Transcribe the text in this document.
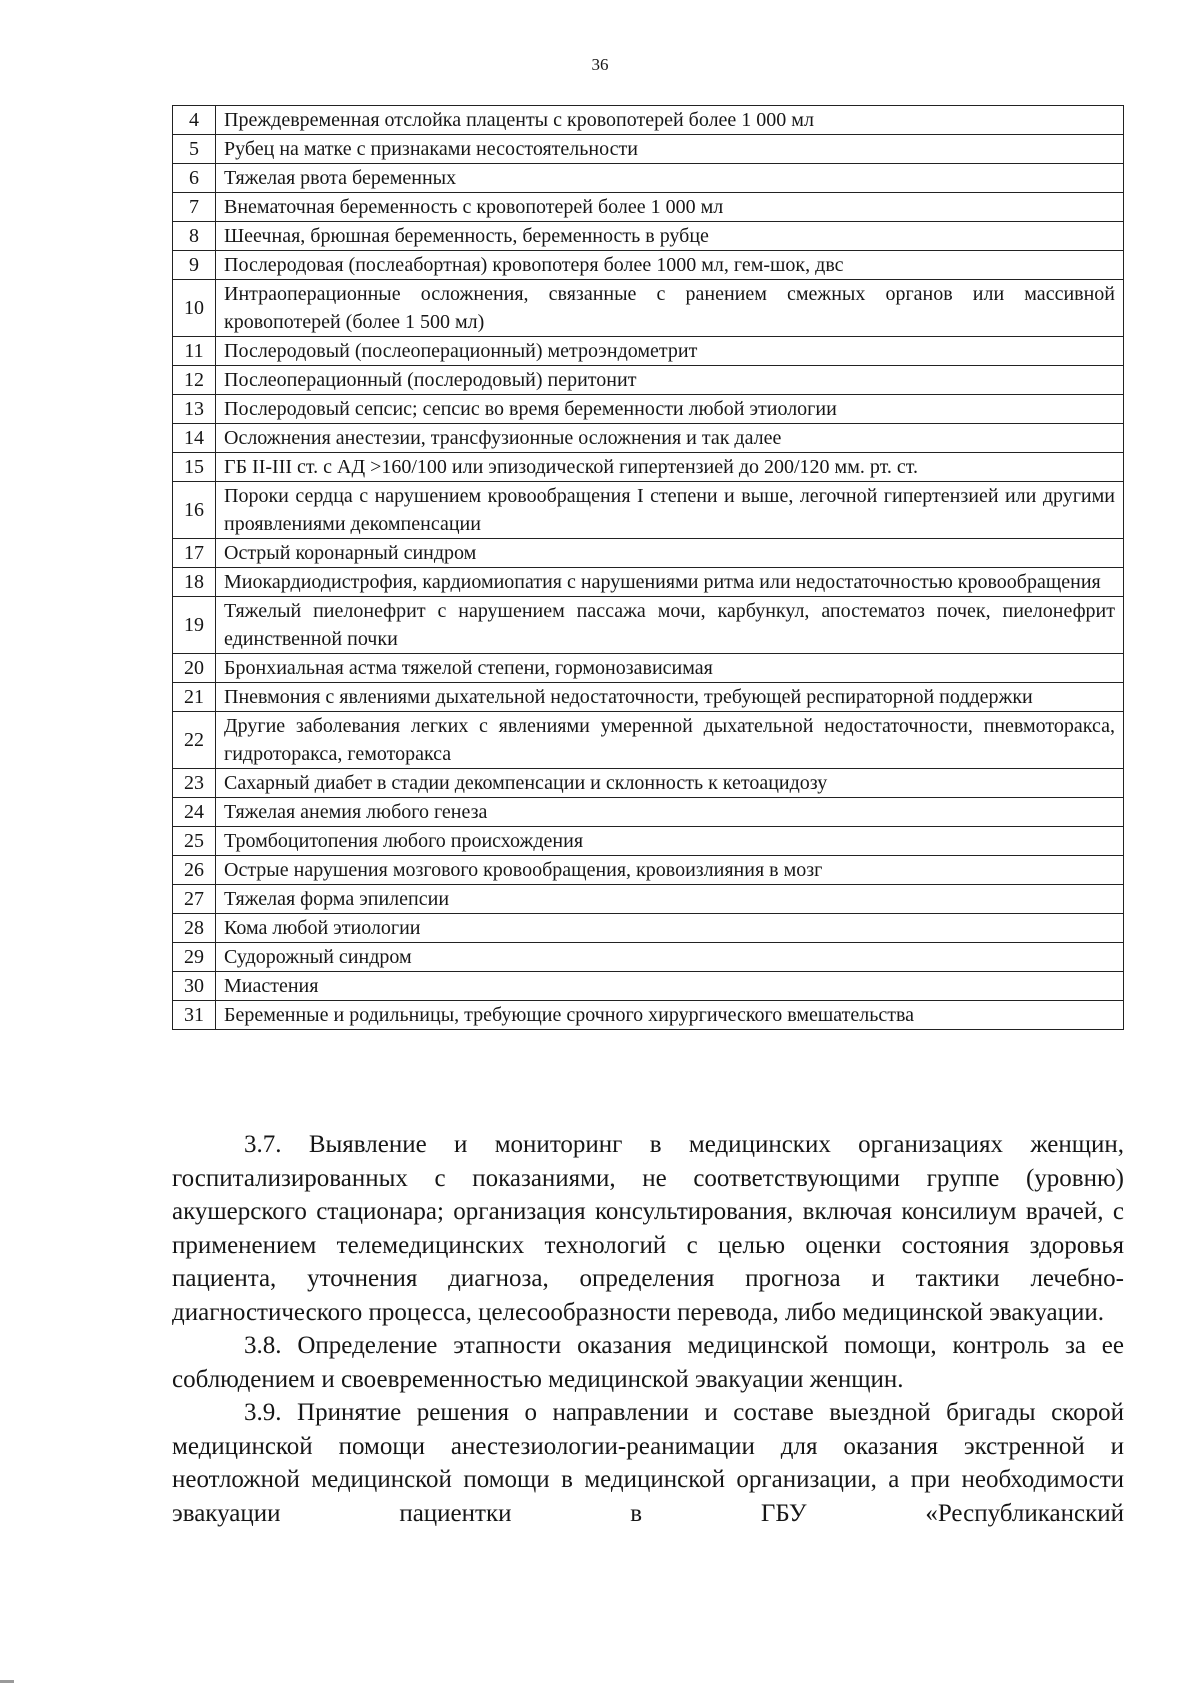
36
4	Преждевременная отслойка плаценты с кровопотерей более 1 000 мл
5	Рубец на матке с признаками несостоятельности
6	Тяжелая рвота беременных
7	Внематочная беременность с кровопотерей более 1 000 мл
8	Шеечная, брюшная беременность, беременность в рубце
9	Послеродовая (послеабортная) кровопотеря более 1000 мл, гем-шок, двс
10	Интраоперационные осложнения, связанные с ранением смежных органов или массивной кровопотерей (более 1 500 мл)
11	Послеродовый (послеоперационный) метроэндометрит
12	Послеоперационный (послеродовый) перитонит
13	Послеродовый сепсис; сепсис во время беременности любой этиологии
14	Осложнения анестезии, трансфузионные осложнения и так далее
15	ГБ II-III ст. с АД >160/100 или эпизодической гипертензией до 200/120 мм. рт. ст.
16	Пороки сердца с нарушением кровообращения I степени и выше, легочной гипертензией или другими проявлениями декомпенсации
17	Острый коронарный синдром
18	Миокардиодистрофия, кардиомиопатия с нарушениями ритма или недостаточностью кровообращения
19	Тяжелый пиелонефрит с нарушением пассажа мочи, карбункул, апостематоз почек, пиелонефрит единственной почки
20	Бронхиальная астма тяжелой степени, гормонозависимая
21	Пневмония с явлениями дыхательной недостаточности, требующей респираторной поддержки
22	Другие заболевания легких с явлениями умеренной дыхательной недостаточности, пневмоторакса, гидроторакса, гемоторакса
23	Сахарный диабет в стадии декомпенсации и склонность к кетоацидозу
24	Тяжелая анемия любого генеза
25	Тромбоцитопения любого происхождения
26	Острые нарушения мозгового кровообращения, кровоизлияния в мозг
27	Тяжелая форма эпилепсии
28	Кома любой этиологии
29	Судорожный синдром
30	Миастения
31	Беременные и родильницы, требующие срочного хирургического вмешательства

3.7. Выявление и мониторинг в медицинских организациях женщин, госпитализированных с показаниями, не соответствующими группе (уровню) акушерского стационара; организация консультирования, включая консилиум врачей, с применением телемедицинских технологий с целью оценки состояния здоровья пациента, уточнения диагноза, определения прогноза и тактики лечебно-диагностического процесса, целесообразности перевода, либо медицинской эвакуации.

3.8. Определение этапности оказания медицинской помощи, контроль за ее соблюдением и своевременностью медицинской эвакуации женщин.

3.9. Принятие решения о направлении и составе выездной бригады скорой медицинской помощи анестезиологии-реанимации для оказания экстренной и неотложной медицинской помощи в медицинской организации, а при необходимости эвакуации пациентки в ГБУ «Республиканский
